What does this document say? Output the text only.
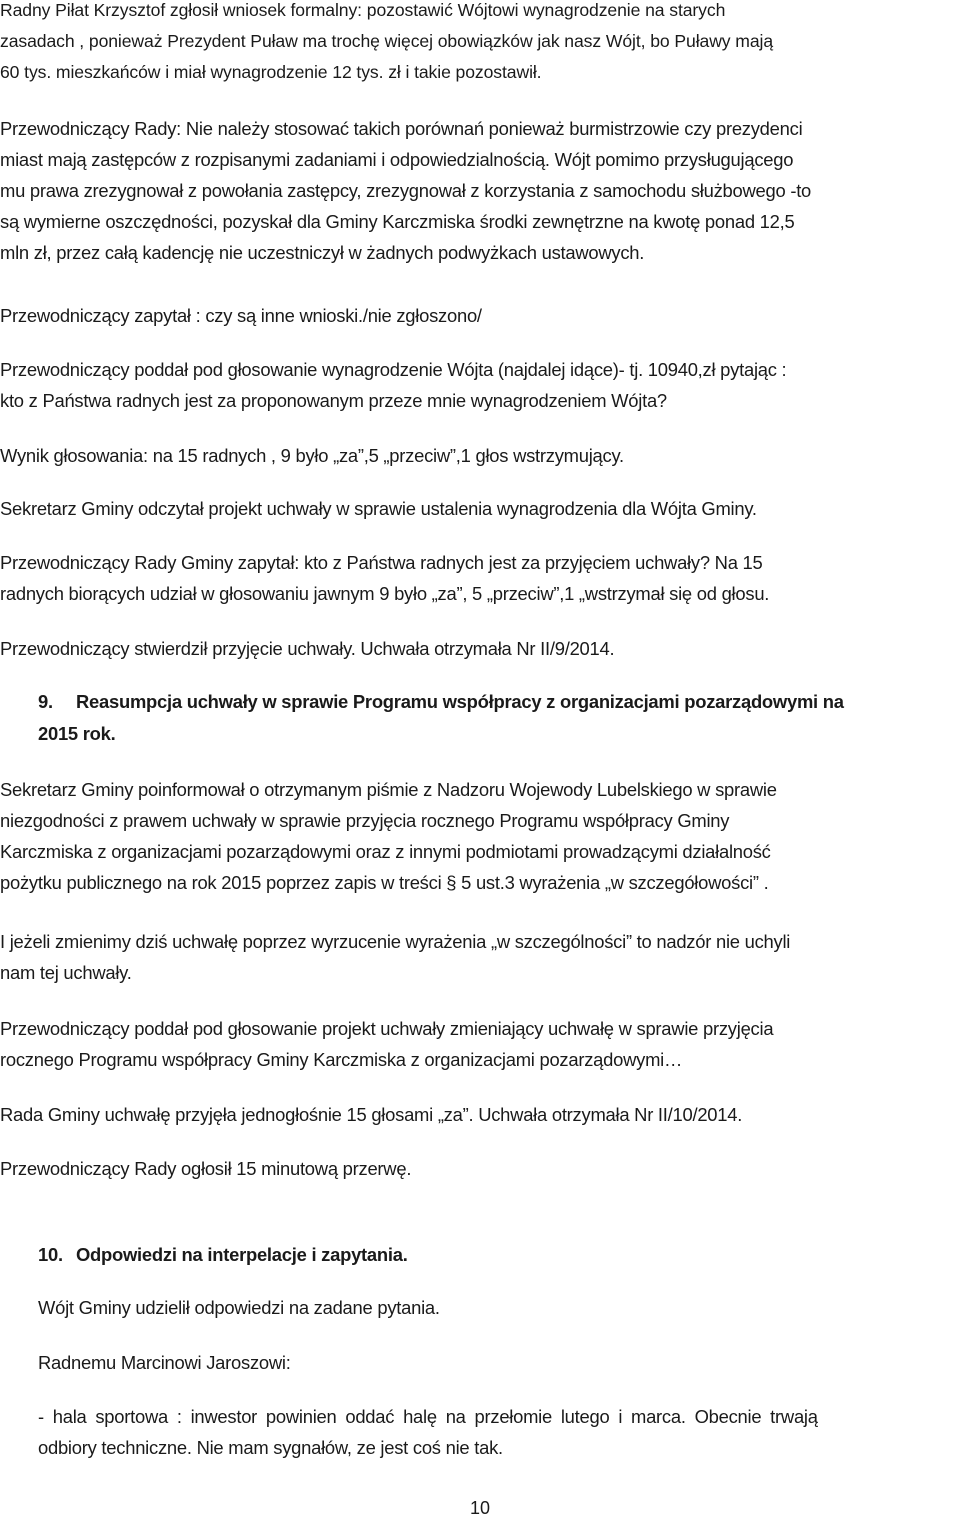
Radny Piłat Krzysztof zgłosił wniosek formalny: pozostawić Wójtowi wynagrodzenie na starych
zasadach , ponieważ Prezydent Puław ma trochę więcej obowiązków jak nasz Wójt, bo Puławy mają
60 tys. mieszkańców i miał wynagrodzenie 12 tys. zł i takie pozostawił.
Przewodniczący Rady: Nie należy stosować takich porównań ponieważ burmistrzowie czy prezydenci
miast mają zastępców z rozpisanymi zadaniami i odpowiedzialnością. Wójt pomimo przysługującego
mu prawa zrezygnował z powołania zastępcy, zrezygnował z korzystania z samochodu służbowego -to
są wymierne oszczędności, pozyskał dla Gminy Karczmiska środki zewnętrzne na kwotę ponad 12,5
mln zł, przez całą kadencję nie uczestniczył w żadnych podwyżkach ustawowych.
Przewodniczący zapytał : czy są inne wnioski./nie zgłoszono/
Przewodniczący poddał pod głosowanie wynagrodzenie Wójta (najdalej idące)- tj. 10940,zł pytając :
kto z Państwa radnych jest za proponowanym przeze mnie wynagrodzeniem Wójta?
Wynik głosowania: na 15 radnych , 9 było „za”,5 „przeciw”,1 głos wstrzymujący.
Sekretarz Gminy odczytał projekt uchwały w sprawie ustalenia wynagrodzenia dla Wójta Gminy.
Przewodniczący Rady Gminy zapytał: kto z Państwa radnych jest za przyjęciem uchwały? Na 15
radnych biorących udział w głosowaniu jawnym 9 było „za”, 5 „przeciw”,1 „wstrzymał się od głosu.
Przewodniczący stwierdził przyjęcie uchwały. Uchwała otrzymała Nr II/9/2014.
9. Reasumpcja uchwały w sprawie Programu współpracy z organizacjami pozarządowymi na
2015 rok.
Sekretarz Gminy poinformował o otrzymanym piśmie z Nadzoru Wojewody Lubelskiego w sprawie
niezgodności z prawem uchwały w sprawie przyjęcia rocznego Programu współpracy Gminy
Karczmiska z organizacjami pozarządowymi oraz z innymi podmiotami prowadzącymi działalność
pożytku publicznego na rok 2015 poprzez zapis w treści § 5 ust.3 wyrażenia „w szczegółowości” .
I jeżeli zmienimy dziś uchwałę poprzez wyrzucenie wyrażenia „w szczególności” to nadzór nie uchyli
nam tej uchwały.
Przewodniczący poddał pod głosowanie projekt uchwały zmieniający uchwałę w sprawie przyjęcia
rocznego Programu współpracy Gminy Karczmiska z organizacjami pozarządowymi…
Rada Gminy uchwałę przyjęła jednogłośnie 15 głosami „za”. Uchwała otrzymała Nr II/10/2014.
Przewodniczący Rady ogłosił 15 minutową przerwę.
10. Odpowiedzi na interpelacje i zapytania.
Wójt Gminy udzielił odpowiedzi na zadane pytania.
Radnemu Marcinowi Jaroszowi:
- hala sportowa : inwestor powinien oddać halę na przełomie lutego i marca. Obecnie trwają
odbiory techniczne. Nie mam sygnałów, ze jest coś nie tak.
10
